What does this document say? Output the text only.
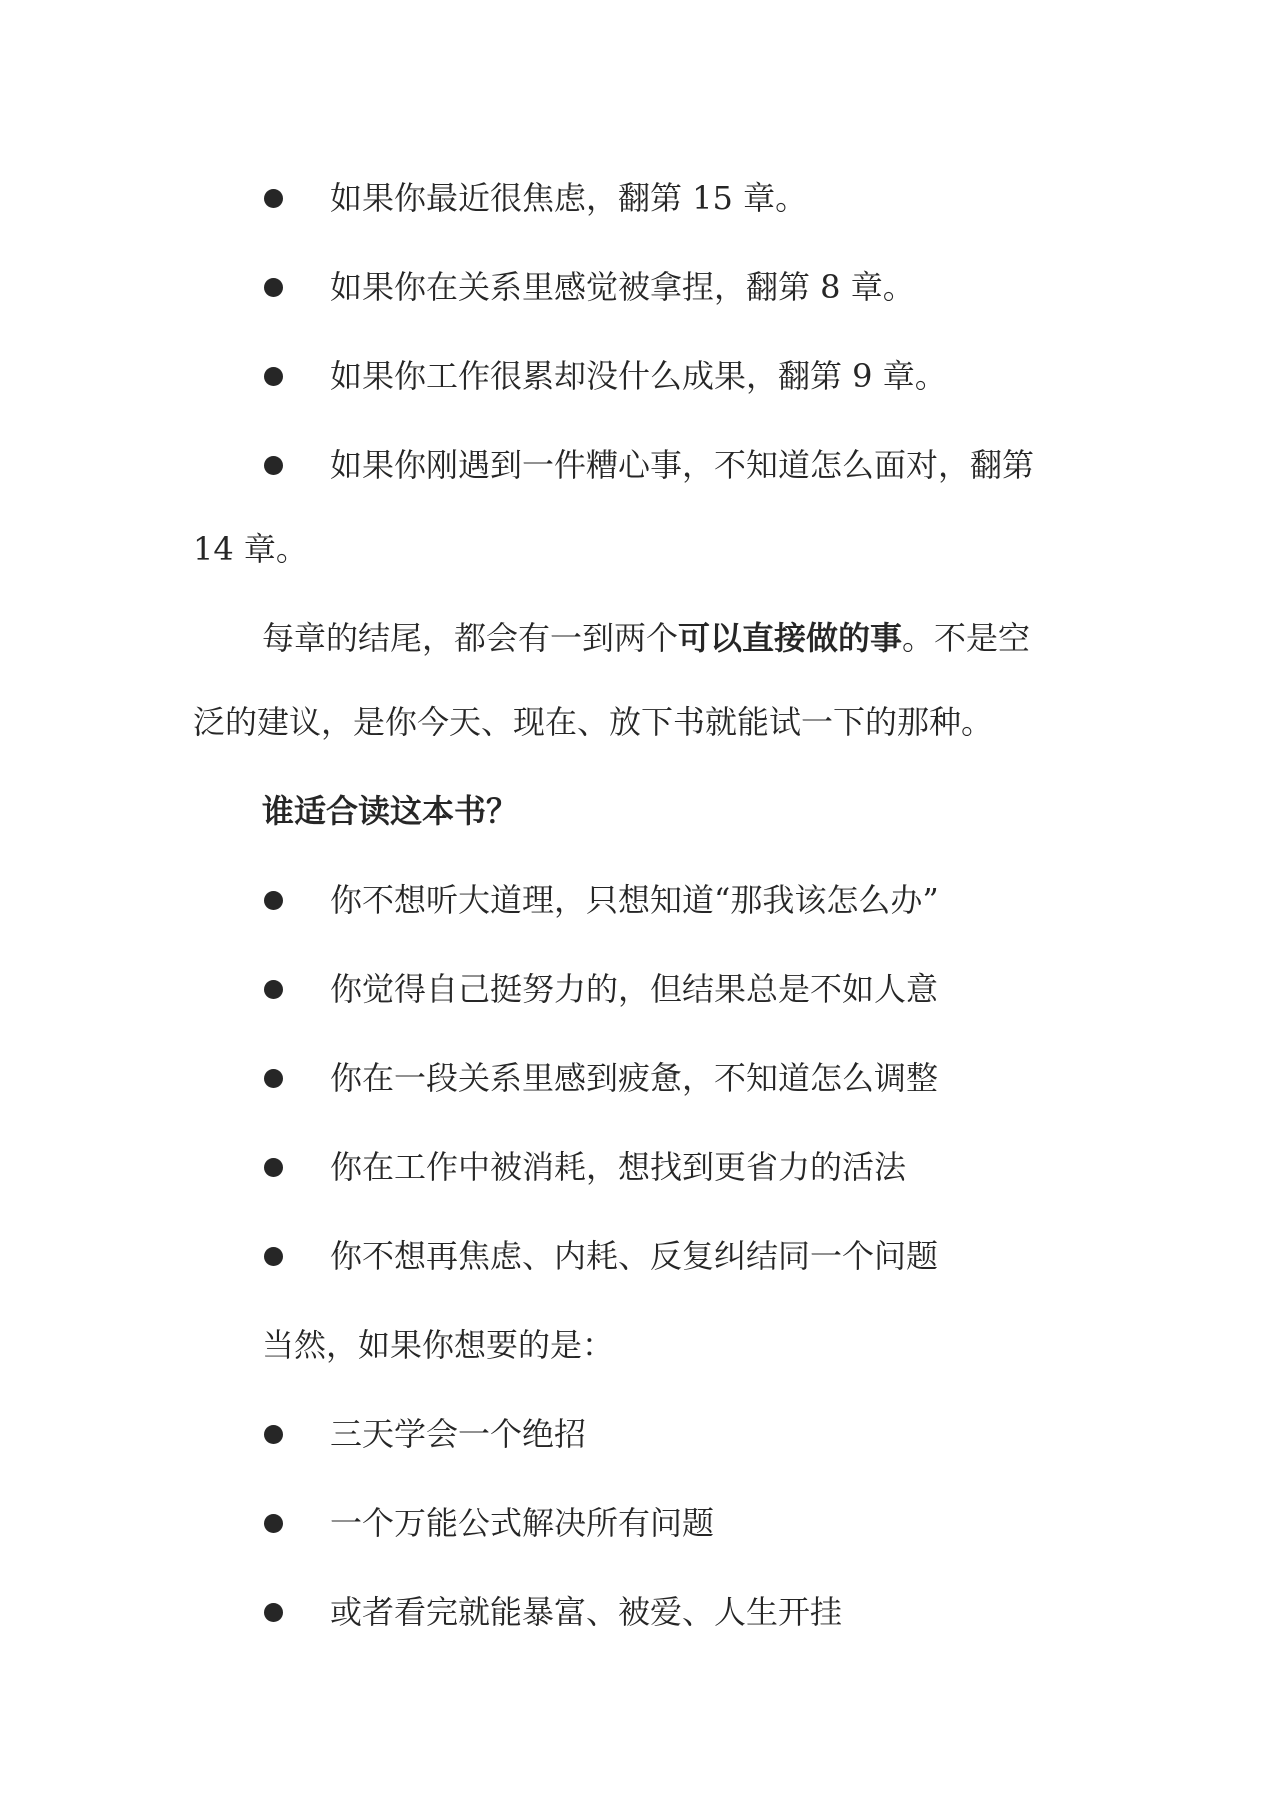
如果你最近很焦虑，翻第 15 章。
如果你在关系里感觉被拿捏，翻第 8 章。
如果你工作很累却没什么成果，翻第 9 章。
如果你刚遇到一件糟心事，不知道怎么面对，翻第
14 章。
每章的结尾，都会有一到两个可以直接做的事。不是空
泛的建议，是你今天、现在、放下书就能试一下的那种。
谁适合读这本书？
你不想听大道理，只想知道“那我该怎么办”
你觉得自己挺努力的，但结果总是不如人意
你在一段关系里感到疲惫，不知道怎么调整
你在工作中被消耗，想找到更省力的活法
你不想再焦虑、内耗、反复纠结同一个问题
当然，如果你想要的是：
三天学会一个绝招
一个万能公式解决所有问题
或者看完就能暴富、被爱、人生开挂
